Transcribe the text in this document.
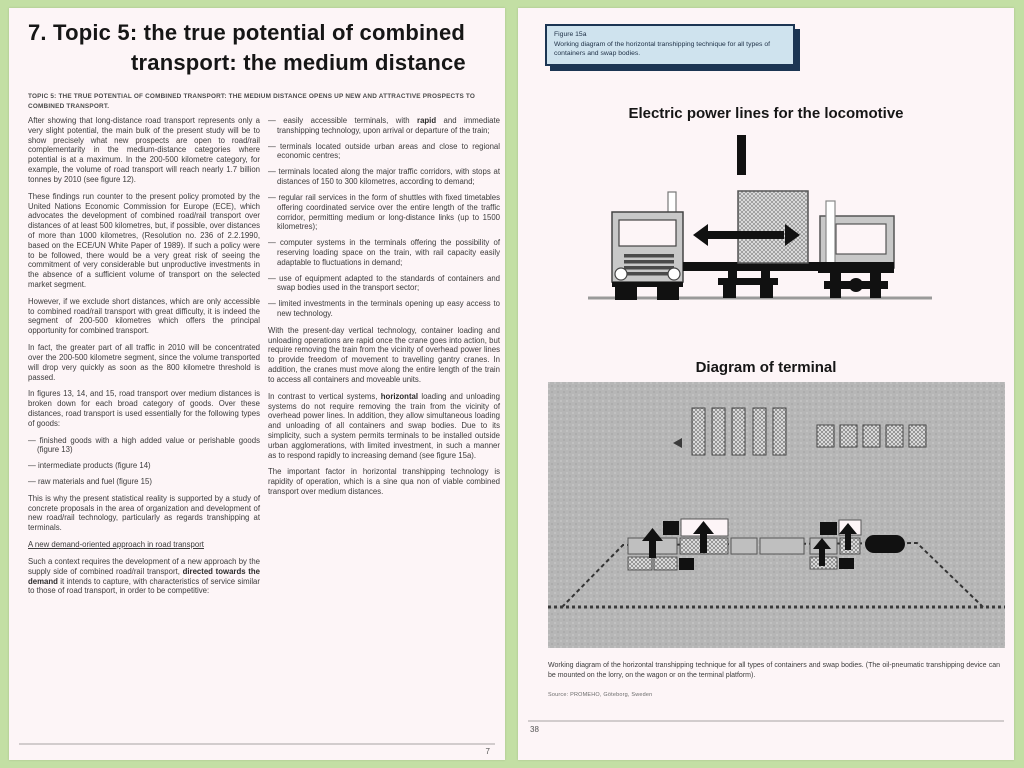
7. Topic 5: the true potential of combined
transport: the medium distance
TOPIC 5: THE TRUE POTENTIAL OF COMBINED TRANSPORT: THE MEDIUM DISTANCE OPENS UP NEW AND ATTRACTIVE PROSPECTS TO COMBINED TRANSPORT.

After showing that long-distance road transport represents only a very slight potential, the main bulk of the present study will be to show precisely what new prospects are open to road/rail complementarity in the medium-distance categories where potential is at a maximum. In the 200-500 kilometre category, for example, the volume of road transport will reach nearly 1.7 billion tonnes by 2010 (see figure 12).

These findings run counter to the present policy promoted by the United Nations Economic Commission for Europe (ECE), which advocates the development of combined road/rail transport over distances of at least 500 kilometres, but, if possible, over distances of more than 1000 kilometres, (Resolution no. 236 of 2.2.1990, based on the ECE/UN White Paper of 1989). If such a policy were to be followed, there would be a very great risk of seeing the commitment of very considerable but unproductive investments in the absence of a sufficient volume of transport on the selected market segment.

However, if we exclude short distances, which are only accessible to combined road/rail transport with great difficulty, it is indeed the segment of 200-500 kilometres which offers the principal opportunity for combined transport.

In fact, the greater part of all traffic in 2010 will be concentrated over the 200-500 kilometre segment, since the volume transported will drop very quickly as soon as the 800 kilometre threshold is passed.

In figures 13, 14, and 15, road transport over medium distances is broken down for each broad category of goods. Over these distances, road transport is used essentially for the following types of goods:

— finished goods with a high added value or perishable goods (figure 13)
— intermediate products (figure 14)
— raw materials and fuel (figure 15)

This is why the present statistical reality is supported by a study of concrete proposals in the area of organization and development of new road/rail technology, particularly as regards transhipping at terminals.

A new demand-oriented approach in road transport

Such a context requires the development of a new approach by the supply side of combined road/rail transport, directed towards the demand it intends to capture, with characteristics of service similar to those of road transport, in order to be competitive:

— easily accessible terminals, with rapid and immediate transhipping technology, upon arrival or departure of the train;
— terminals located outside urban areas and close to regional economic centres;
— terminals located along the major traffic corridors, with stops at distances of 150 to 300 kilometres, according to demand;
— regular rail services in the form of shuttles with fixed timetables offering coordinated service over the entire length of the traffic corridor, permitting medium or long-distance links (up to 1500 kilometres);
— computer systems in the terminals offering the possibility of reserving loading space on the train, with rail capacity easily adaptable to fluctuations in demand;
— use of equipment adapted to the standards of containers and swap bodies used in the transport sector;
— limited investments in the terminals opening up easy access to new technology.

With the present-day vertical technology, container loading and unloading operations are rapid once the crane goes into action, but require removing the train from the vicinity of overhead power lines to provide freedom of movement to travelling gantry cranes. In addition, the cranes must move along the entire length of the train to access all containers and moveable units.

In contrast to vertical systems, horizontal loading and unloading systems do not require removing the train from the vicinity of overhead power lines. In addition, they allow simultaneous loading and unloading of all containers and swap bodies. Due to its simplicity, such a system permits terminals to be installed outside urban agglomerations, with limited investment, in such a manner as to respond rapidly to increasing demand (see figure 15a).

The important factor in horizontal transhipping technology is rapidity of operation, which is a sine qua non of viable combined transport over medium distances.

7
Figure 15a
Working diagram of the horizontal transhipping technique for all types of containers and swap bodies.
Electric power lines for the locomotive
Diagram of terminal
Working diagram of the horizontal transhipping technique for all types of containers and swap bodies. (The oil-pneumatic transhipping device can be mounted on the lorry, on the wagon or on the terminal platform).
Source: PROMEHO, Göteborg, Sweden
38
